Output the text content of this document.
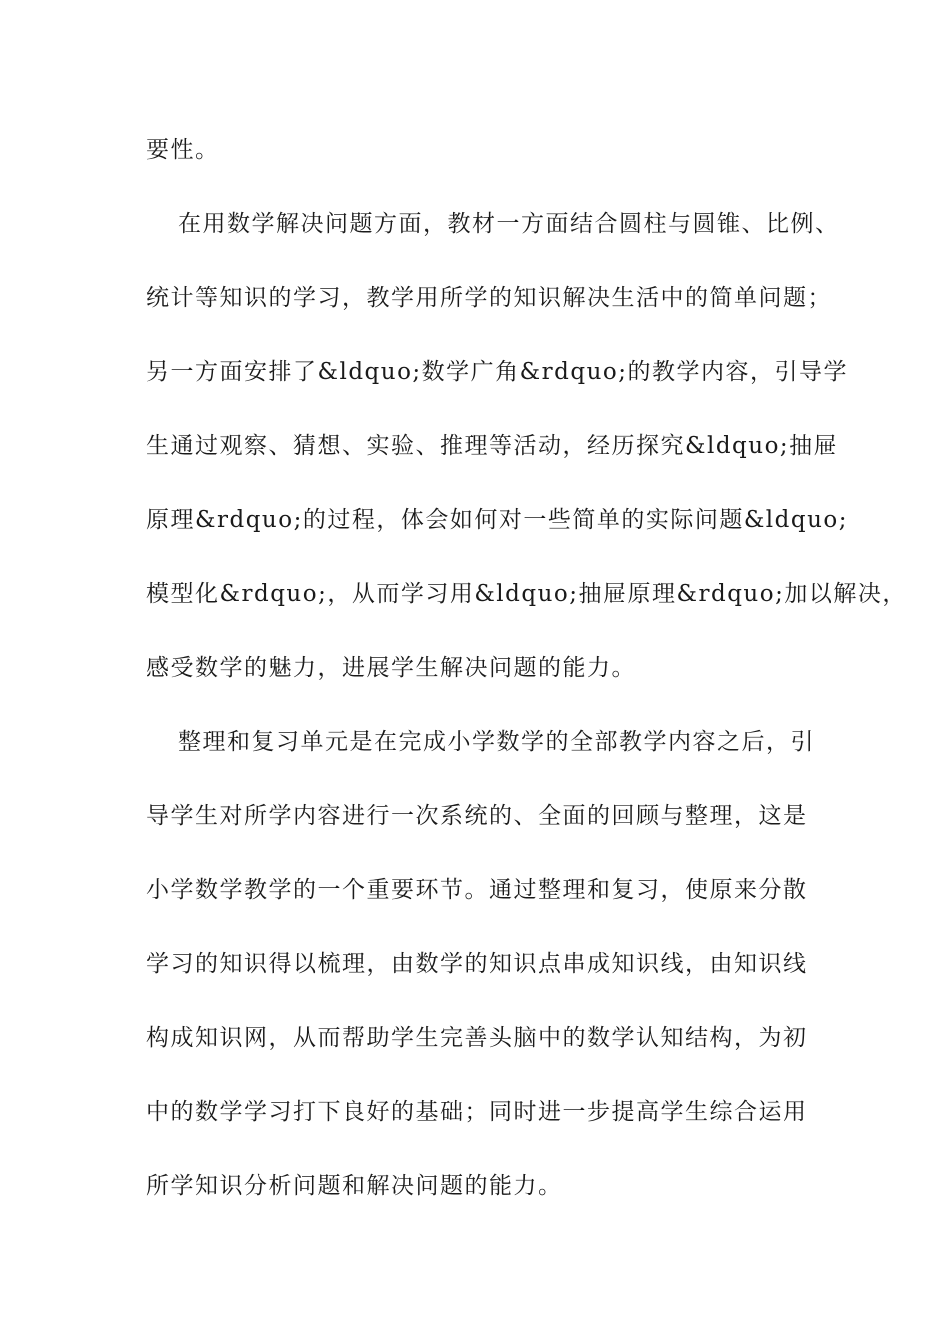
要性。
在用数学解决问题方面，教材一方面结合圆柱与圆锥、比例、
统计等知识的学习，教学用所学的知识解决生活中的简单问题；
另一方面安排了&ldquo;数学广角&rdquo;的教学内容，引导学
生通过观察、猜想、实验、推理等活动，经历探究&ldquo;抽屉
原理&rdquo;的过程，体会如何对一些简单的实际问题&ldquo;
模型化&rdquo;，从而学习用&ldquo;抽屉原理&rdquo;加以解决，
感受数学的魅力，进展学生解决问题的能力。
整理和复习单元是在完成小学数学的全部教学内容之后，引
导学生对所学内容进行一次系统的、全面的回顾与整理，这是
小学数学教学的一个重要环节。通过整理和复习，使原来分散
学习的知识得以梳理，由数学的知识点串成知识线，由知识线
构成知识网，从而帮助学生完善头脑中的数学认知结构，为初
中的数学学习打下良好的基础；同时进一步提高学生综合运用
所学知识分析问题和解决问题的能力。
